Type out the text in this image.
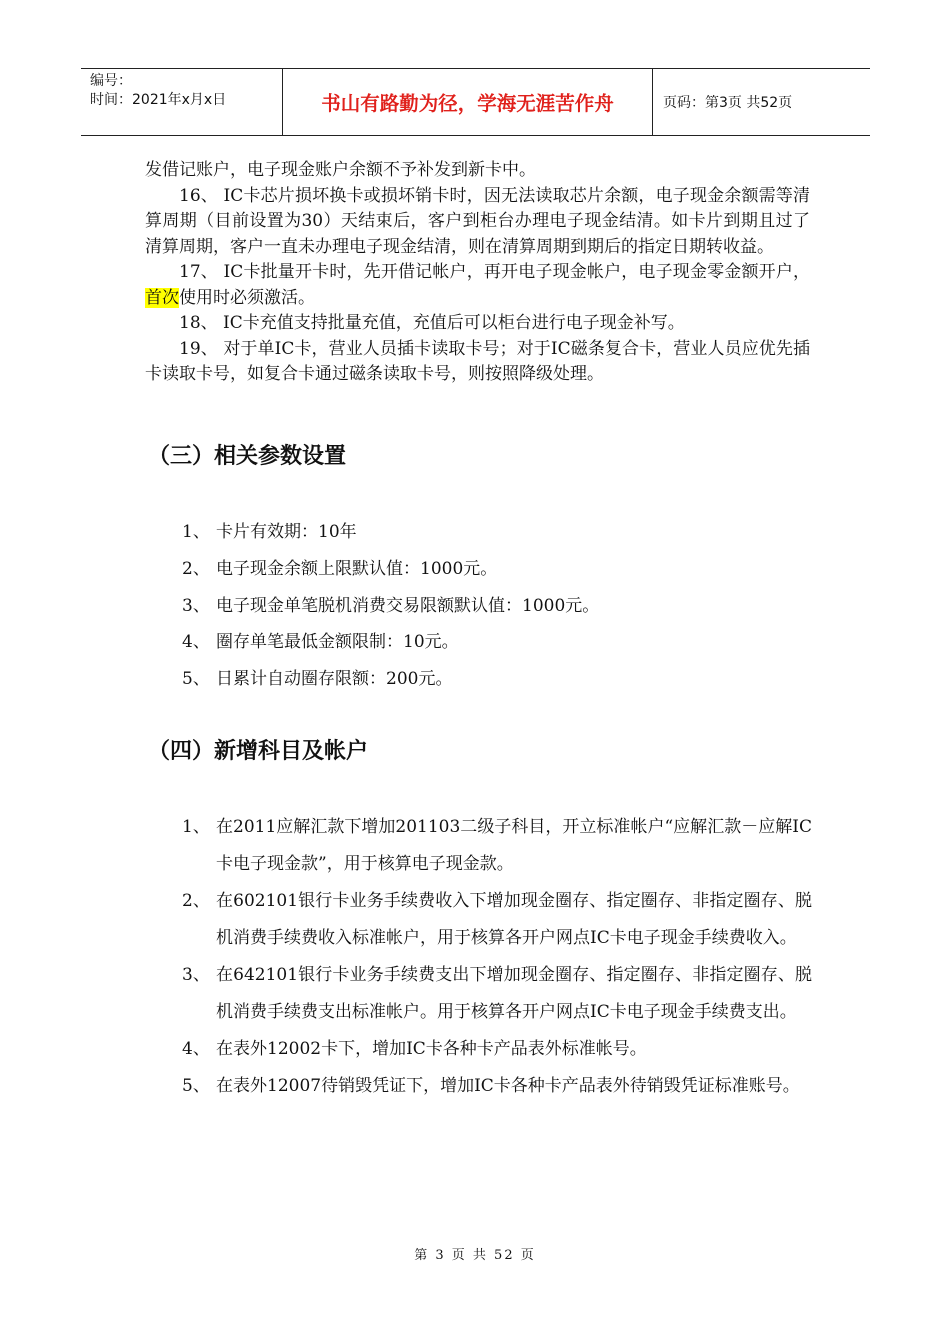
编号：
时间：2021年x月x日	书山有路勤为径，学海无涯苦作舟	页码：第3页 共52页

发借记账户，电子现金账户余额不予补发到新卡中。

16、 IC卡芯片损坏换卡或损坏销卡时，因无法读取芯片余额，电子现金余额需等清算周期（目前设置为30）天结束后，客户到柜台办理电子现金结清。如卡片到期且过了清算周期，客户一直未办理电子现金结清，则在清算周期到期后的指定日期转收益。

17、 IC卡批量开卡时，先开借记帐户，再开电子现金帐户，电子现金零金额开户，首次使用时必须激活。

18、 IC卡充值支持批量充值，充值后可以柜台进行电子现金补写。

19、 对于单IC卡，营业人员插卡读取卡号；对于IC磁条复合卡，营业人员应优先插卡读取卡号，如复合卡通过磁条读取卡号，则按照降级处理。

（三）相关参数设置
1、 卡片有效期：10年
2、 电子现金余额上限默认值：1000元。
3、 电子现金单笔脱机消费交易限额默认值：1000元。
4、 圈存单笔最低金额限制：10元。
5、 日累计自动圈存限额：200元。
（四）新增科目及帐户
1、 在2011应解汇款下增加201103二级子科目，开立标准帐户“应解汇款－应解IC卡电子现金款”，用于核算电子现金款。
2、 在602101银行卡业务手续费收入下增加现金圈存、指定圈存、非指定圈存、脱机消费手续费收入标准帐户，用于核算各开户网点IC卡电子现金手续费收入。
3、 在642101银行卡业务手续费支出下增加现金圈存、指定圈存、非指定圈存、脱机消费手续费支出标准帐户。用于核算各开户网点IC卡电子现金手续费支出。
4、 在表外12002卡下，增加IC卡各种卡产品表外标准帐号。
5、 在表外12007待销毁凭证下，增加IC卡各种卡产品表外待销毁凭证标准账号。
第 3 页 共 52 页
